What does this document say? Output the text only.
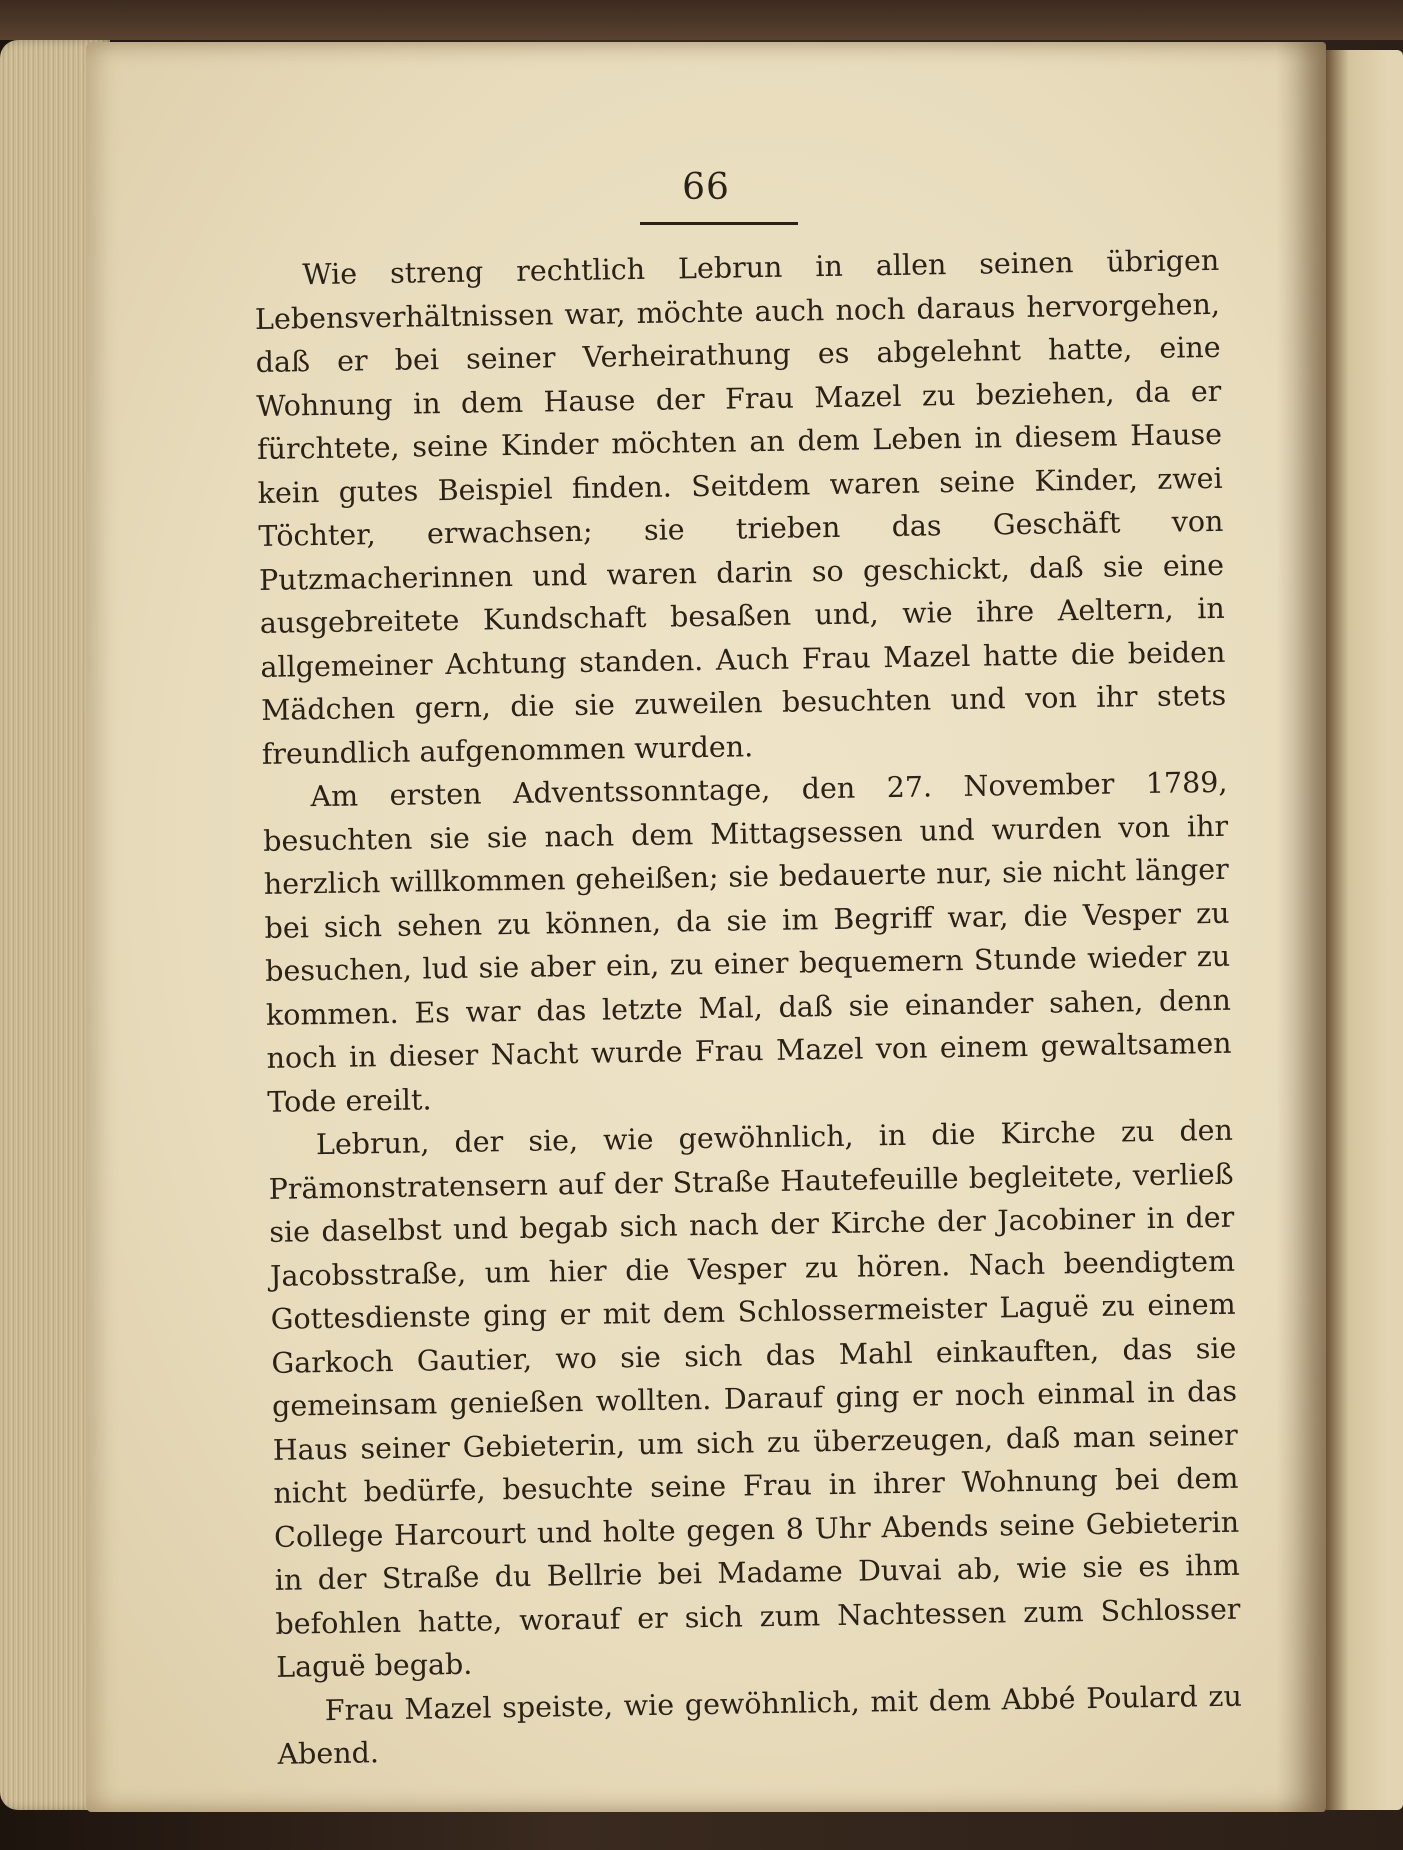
66

Wie streng rechtlich Lebrun in allen seinen übrigen Lebensverhältnissen war, möchte auch noch daraus hervorgehen, daß er bei seiner Verheirathung es abgelehnt hatte, eine Wohnung in dem Hause der Frau Mazel zu beziehen, da er fürchtete, seine Kinder möchten an dem Leben in diesem Hause kein gutes Beispiel finden. Seitdem waren seine Kinder, zwei Töchter, erwachsen; sie trieben das Geschäft von Putzmacherinnen und waren darin so geschickt, daß sie eine ausgebreitete Kundschaft besaßen und, wie ihre Aeltern, in allgemeiner Achtung standen. Auch Frau Mazel hatte die beiden Mädchen gern, die sie zuweilen besuchten und von ihr stets freundlich aufgenommen wurden.

Am ersten Adventssonntage, den 27. November 1789, besuchten sie sie nach dem Mittagsessen und wurden von ihr herzlich willkommen geheißen; sie bedauerte nur, sie nicht länger bei sich sehen zu können, da sie im Begriff war, die Vesper zu besuchen, lud sie aber ein, zu einer bequemern Stunde wieder zu kommen. Es war das letzte Mal, daß sie einander sahen, denn noch in dieser Nacht wurde Frau Mazel von einem gewaltsamen Tode ereilt.

Lebrun, der sie, wie gewöhnlich, in die Kirche zu den Prämonstratensern auf der Straße Hautefeuille begleitete, verließ sie daselbst und begab sich nach der Kirche der Jacobiner in der Jacobsstraße, um hier die Vesper zu hören. Nach beendigtem Gottesdienste ging er mit dem Schlossermeister Laguë zu einem Garkoch Gautier, wo sie sich das Mahl einkauften, das sie gemeinsam genießen wollten. Darauf ging er noch einmal in das Haus seiner Gebieterin, um sich zu überzeugen, daß man seiner nicht bedürfe, besuchte seine Frau in ihrer Wohnung bei dem College Harcourt und holte gegen 8 Uhr Abends seine Gebieterin in der Straße du Bellrie bei Madame Duvai ab, wie sie es ihm befohlen hatte, worauf er sich zum Nachtessen zum Schlosser Laguë begab.

Frau Mazel speiste, wie gewöhnlich, mit dem Abbé Poulard zu Abend.
